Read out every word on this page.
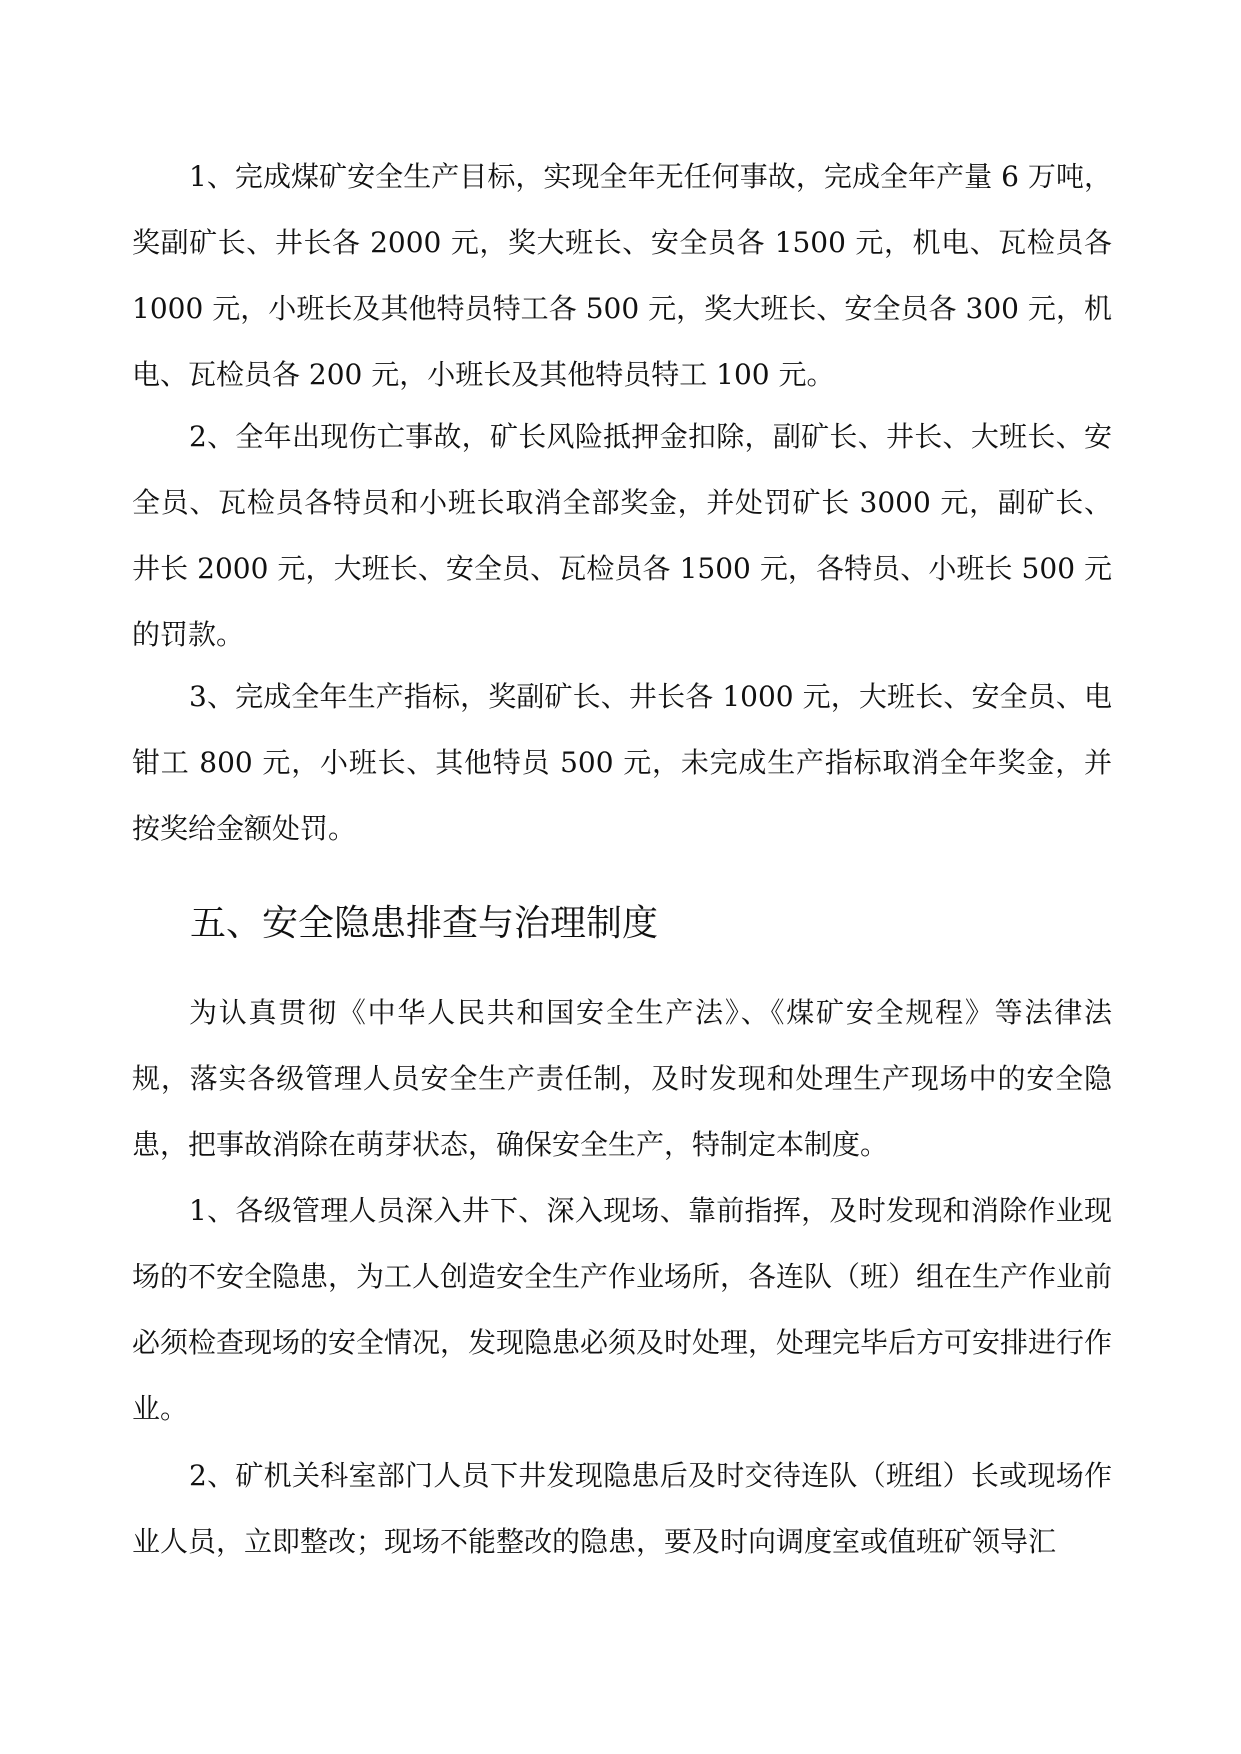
1、完成煤矿安全生产目标，实现全年无任何事故，完成全年产量 6 万吨，奖副矿长、井长各 2000 元，奖大班长、安全员各 1500 元，机电、瓦检员各 1000 元，小班长及其他特员特工各 500 元，奖大班长、安全员各 300 元，机电、瓦检员各 200 元，小班长及其他特员特工 100 元。

2、全年出现伤亡事故，矿长风险抵押金扣除，副矿长、井长、大班长、安全员、瓦检员各特员和小班长取消全部奖金，并处罚矿长 3000 元，副矿长、井长 2000 元，大班长、安全员、瓦检员各 1500 元，各特员、小班长 500 元的罚款。

3、完成全年生产指标，奖副矿长、井长各 1000 元，大班长、安全员、电钳工 800 元，小班长、其他特员 500 元，未完成生产指标取消全年奖金，并按奖给金额处罚。

五、安全隐患排查与治理制度

为认真贯彻《中华人民共和国安全生产法》、《煤矿安全规程》等法律法规，落实各级管理人员安全生产责任制，及时发现和处理生产现场中的安全隐患，把事故消除在萌芽状态，确保安全生产，特制定本制度。

1、各级管理人员深入井下、深入现场、靠前指挥，及时发现和消除作业现场的不安全隐患，为工人创造安全生产作业场所，各连队（班）组在生产作业前必须检查现场的安全情况，发现隐患必须及时处理，处理完毕后方可安排进行作业。

2、矿机关科室部门人员下井发现隐患后及时交待连队（班组）长或现场作业人员，立即整改；现场不能整改的隐患，要及时向调度室或值班矿领导汇
